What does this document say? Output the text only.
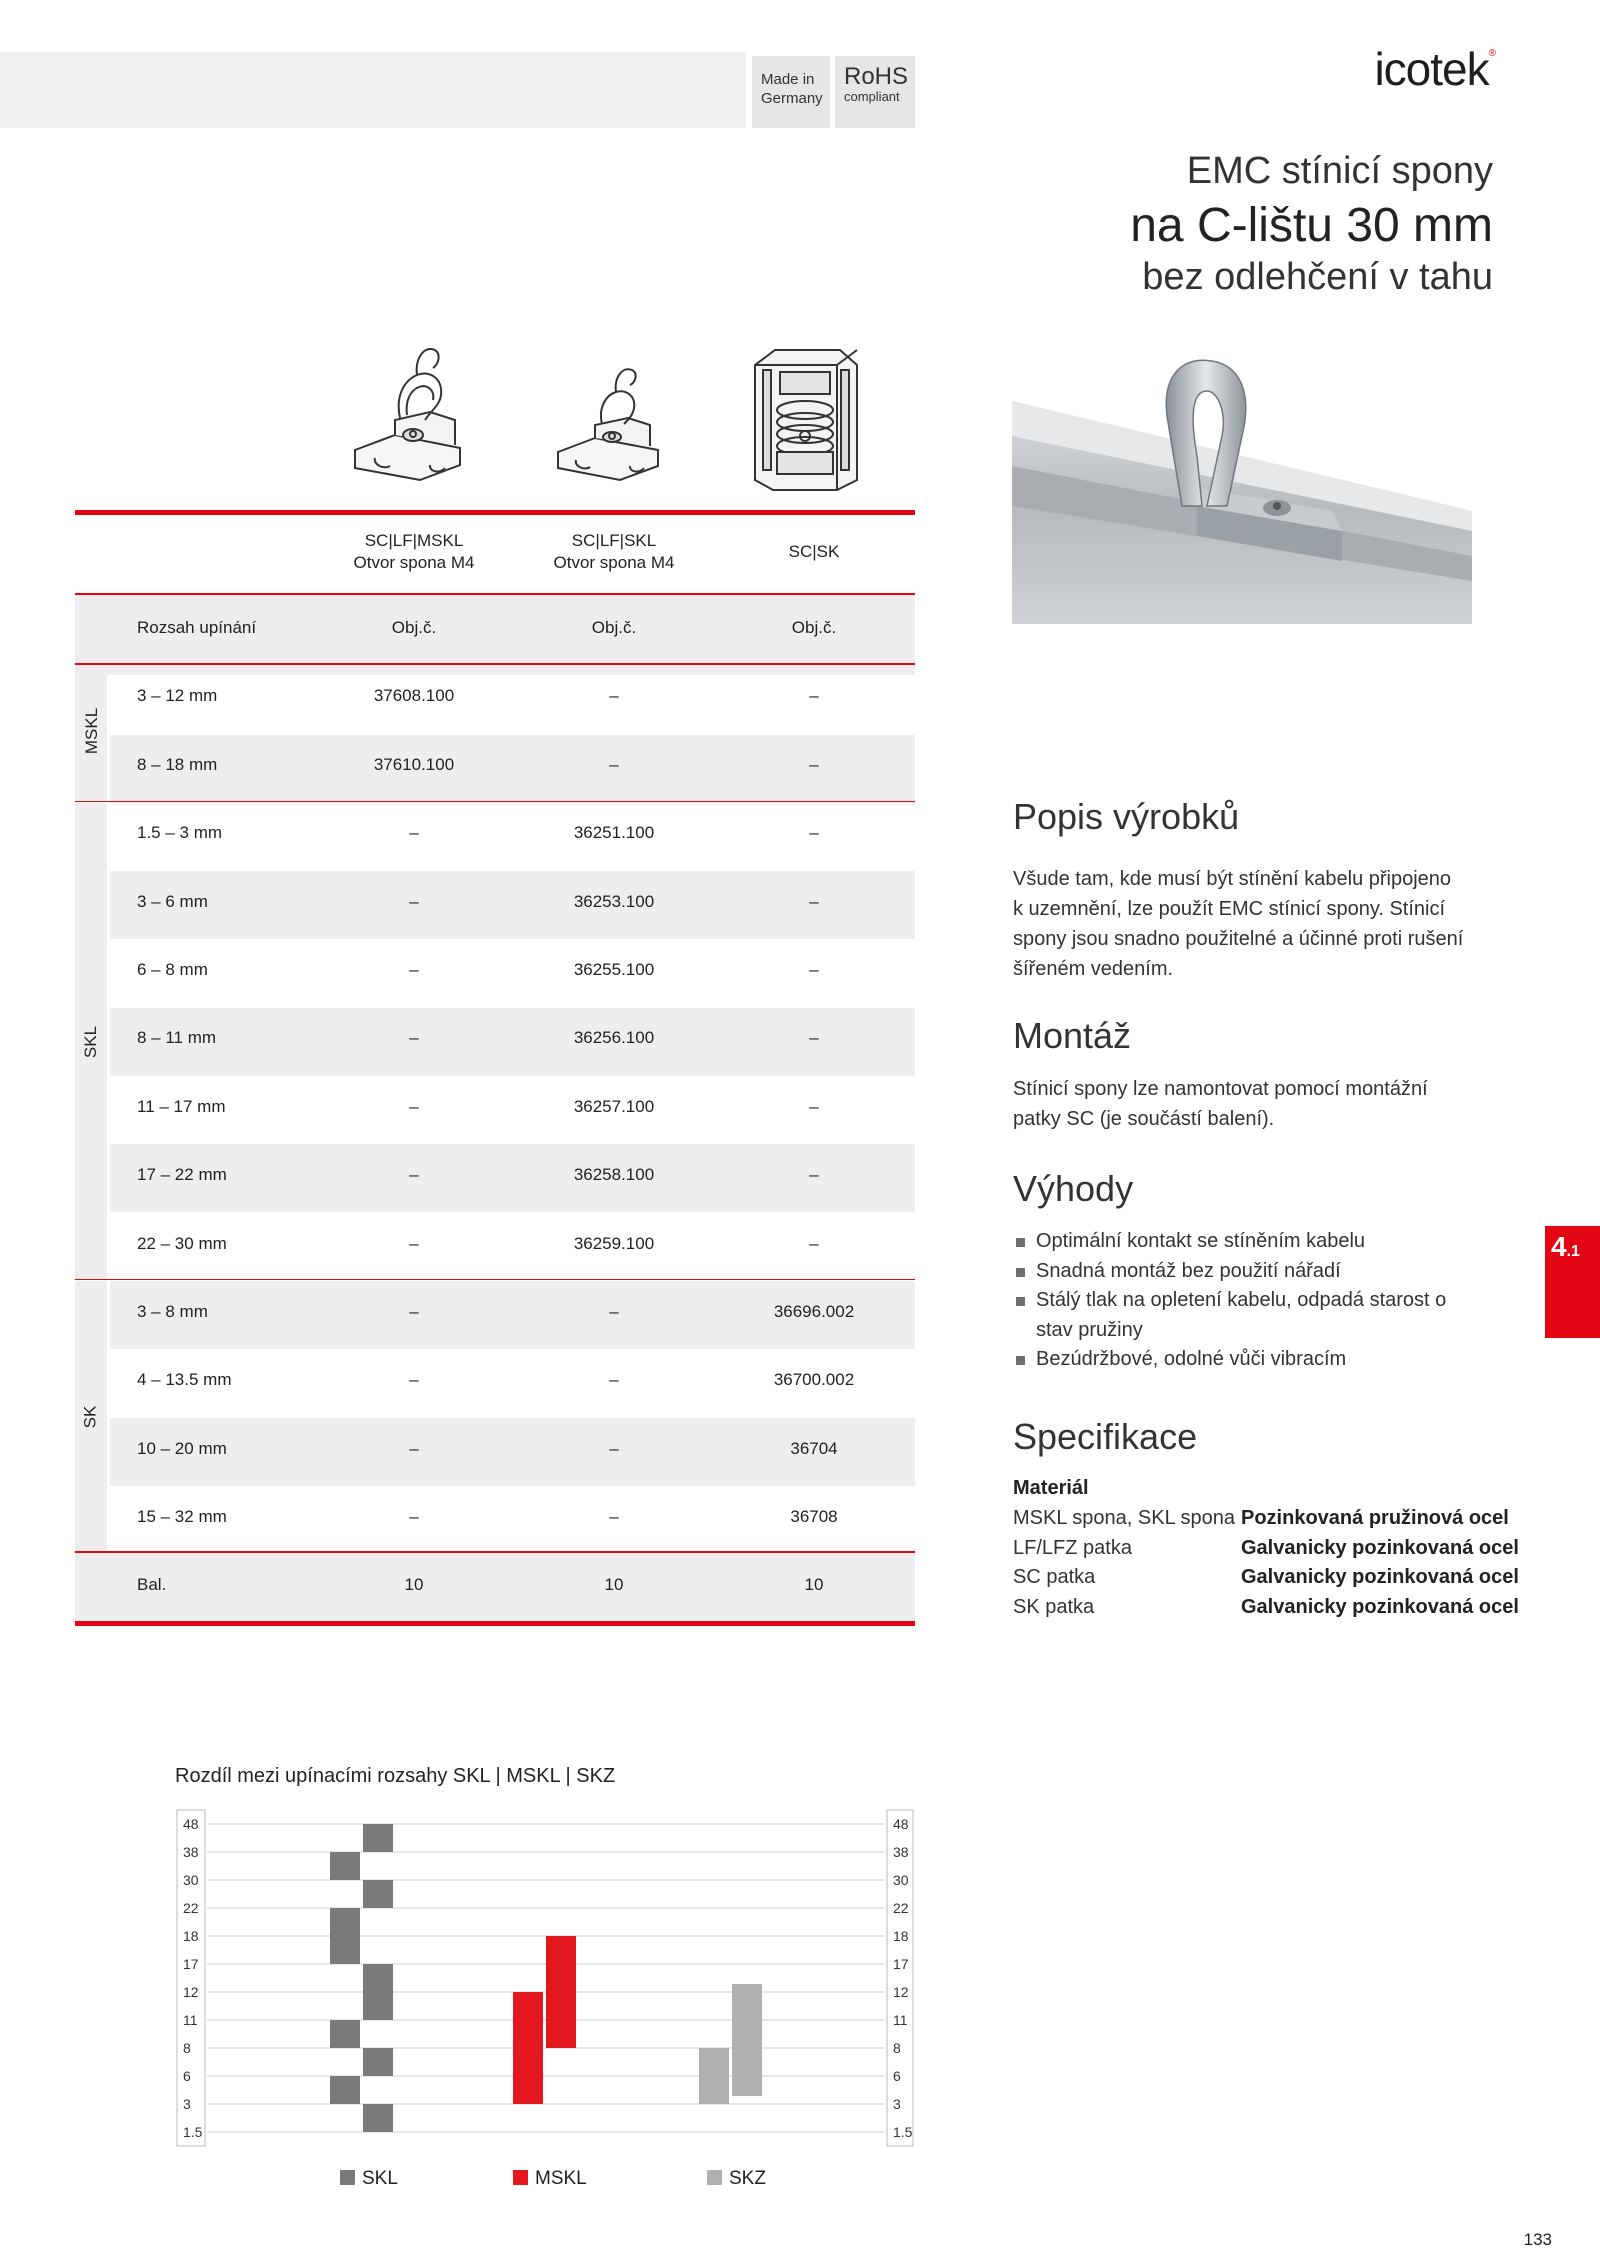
Made in
Germany
RoHS
compliant
icotek®
EMC stínicí spony
na C-lištu 30 mm
bez odlehčení v tahu
SC|LF|MSKL
Otvor spona M4
SC|LF|SKL
Otvor spona M4
SC|SK
Rozsah upínání	Obj.č.	Obj.č.	Obj.č.
MSKL
SKL
SK
3 – 12 mm	37608.100	–	–
8 – 18 mm	37610.100	–	–
1.5 – 3 mm	–	36251.100	–
3 – 6 mm	–	36253.100	–
6 – 8 mm	–	36255.100	–
8 – 11 mm	–	36256.100	–
11 – 17 mm	–	36257.100	–
17 – 22 mm	–	36258.100	–
22 – 30 mm	–	36259.100	–
3 – 8 mm	–	–	36696.002
4 – 13.5 mm	–	–	36700.002
10 – 20 mm	–	–	36704
15 – 32 mm	–	–	36708
Bal.	10	10	10
Popis výrobků
Všude tam, kde musí být stínění kabelu připojeno
k uzemnění, lze použít EMC stínicí spony. Stínicí
spony jsou snadno použitelné a účinné proti rušení
šířeném vedením.
Montáž
Stínicí spony lze namontovat pomocí montážní
patky SC (je součástí balení).
Výhody
Optimální kontakt se stíněním kabelu
Snadná montáž bez použití nářadí
Stálý tlak na opletení kabelu, odpadá starost o stav pružiny
Bezúdržbové, odolné vůči vibracím
Specifikace
Materiál
MSKL spona, SKL spona Pozinkovaná pružinová ocel
LF/LFZ patka	Galvanicky pozinkovaná ocel
SC patka	Galvanicky pozinkovaná ocel
SK patka	Galvanicky pozinkovaná ocel
4.1
Rozdíl mezi upínacími rozsahy SKL | MSKL | SKZ
48	48
38	38
30	30
22	22
18	18
17	17
12	12
11	11
8	8
6	6
3	3
1.5	1.5
SKL	MSKL	SKZ
133
